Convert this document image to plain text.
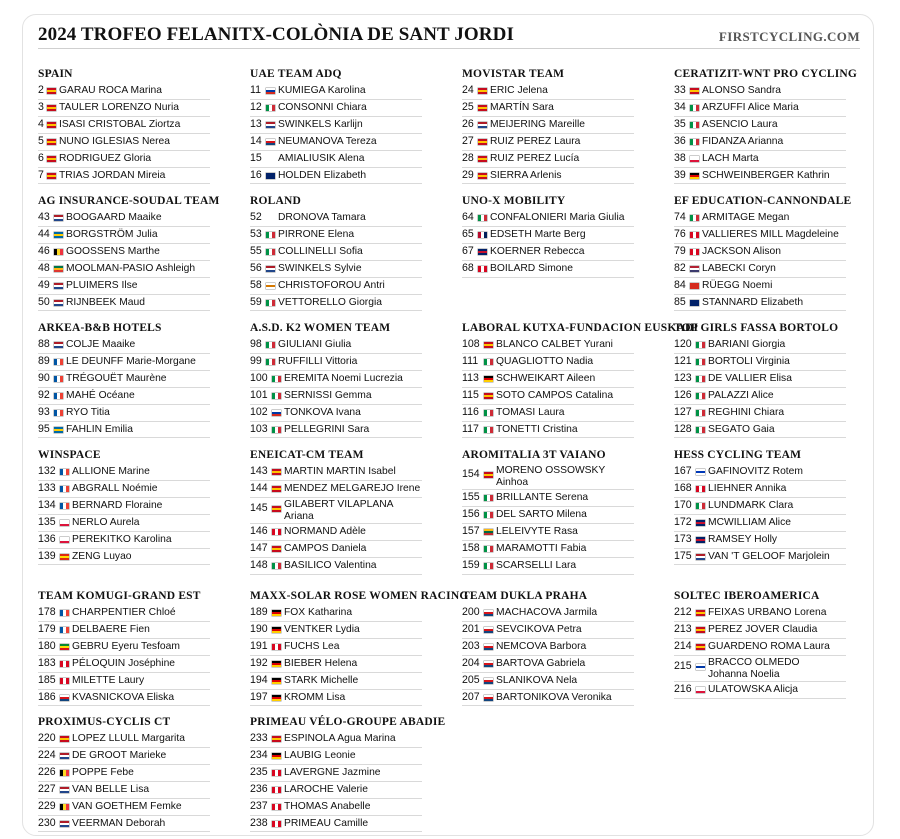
2024 TROFEO FELANITX-COLÒNIA DE SANT JORDI	FIRSTCYCLING.COM
SPAIN
2 GARAU ROCA Marina
3 TAULER LORENZO Nuria
4 ISASI CRISTOBAL Ziortza
5 NUNO IGLESIAS Nerea
6 RODRIGUEZ Gloria
7 TRIAS JORDAN Mireia
UAE TEAM ADQ
11 KUMIEGA Karolina
12 CONSONNI Chiara
13 SWINKELS Karlijn
14 NEUMANOVA Tereza
15 AMIALIUSIK Alena
16 HOLDEN Elizabeth
MOVISTAR TEAM
24 ERIC Jelena
25 MARTÍN Sara
26 MEIJERING Mareille
27 RUIZ PEREZ Laura
28 RUIZ PEREZ Lucía
29 SIERRA Arlenis
CERATIZIT-WNT PRO CYCLING
33 ALONSO Sandra
34 ARZUFFI Alice Maria
35 ASENCIO Laura
36 FIDANZA Arianna
38 LACH Marta
39 SCHWEINBERGER Kathrin
AG INSURANCE-SOUDAL TEAM
43 BOOGAARD Maaike
44 BORGSTRÖM Julia
46 GOOSSENS Marthe
48 MOOLMAN-PASIO Ashleigh
49 PLUIMERS Ilse
50 RIJNBEEK Maud
ROLAND
52 DRONOVA Tamara
53 PIRRONE Elena
55 COLLINELLI Sofia
56 SWINKELS Sylvie
58 CHRISTOFOROU Antri
59 VETTORELLO Giorgia
UNO-X MOBILITY
64 CONFALONIERI Maria Giulia
65 EDSETH Marte Berg
67 KOERNER Rebecca
68 BOILARD Simone
EF EDUCATION-CANNONDALE
74 ARMITAGE Megan
76 VALLIERES MILL Magdeleine
79 JACKSON Alison
82 LABECKI Coryn
84 RÜEGG Noemi
85 STANNARD Elizabeth
ARKEA-B&B HOTELS
88 COLJE Maaike
89 LE DEUNFF Marie-Morgane
90 TRÉGOUËT Maurène
92 MAHÉ Océane
93 RYO Titia
95 FAHLIN Emilia
A.S.D. K2 WOMEN TEAM
98 GIULIANI Giulia
99 RUFFILLI Vittoria
100 EREMITA Noemi Lucrezia
101 SERNISSI Gemma
102 TONKOVA Ivana
103 PELLEGRINI Sara
LABORAL KUTXA-FUNDACION EUSKADI
108 BLANCO CALBET Yurani
111	QUAGLIOTTO Nadia
113	SCHWEIKART Aileen
115	SOTO CAMPOS Catalina
116	TOMASI Laura
117	TONETTI Cristina
TOP GIRLS FASSA BORTOLO
120 BARIANI Giorgia
121 BORTOLI Virginia
123 DE VALLIER Elisa
126 PALAZZI Alice
127 REGHINI Chiara
128 SEGATO Gaia
WINSPACE
132 ALLIONE Marine
133 ABGRALL Noémie
134 BERNARD Floraine
135 NERLO Aurela
136 PEREKITKO Karolina
139 ZENG Luyao
ENEICAT-CM TEAM
143 MARTIN MARTIN Isabel
144 MENDEZ MELGAREJO Irene
145 GILABERT VILAPLANA Ariana
146 NORMAND Adèle
147 CAMPOS Daniela
148 BASILICO Valentina
AROMITALIA 3T VAIANO
154 MORENO OSSOWSKY Ainhoa
155 BRILLANTE Serena
156 DEL SARTO Milena
157 LELEIVYTE Rasa
158 MARAMOTTI Fabia
159 SCARSELLI Lara
HESS CYCLING TEAM
167 GAFINOVITZ Rotem
168 LIEHNER Annika
170 LUNDMARK Clara
172 MCWILLIAM Alice
173 RAMSEY Holly
175 VAN 'T GELOOF Marjolein
TEAM KOMUGI-GRAND EST
178 CHARPENTIER Chloé
179 DELBAERE Fien
180 GEBRU Eyeru Tesfoam
183 PÉLOQUIN Joséphine
185 MILETTE Laury
186 KVASNICKOVA Eliska
MAXX-SOLAR ROSE WOMEN RACING
189 FOX Katharina
190 VENTKER Lydia
191 FUCHS Lea
192 BIEBER Helena
194 STARK Michelle
197 KROMM Lisa
TEAM DUKLA PRAHA
200 MACHACOVA Jarmila
201 SEVCIKOVA Petra
203 NEMCOVA Barbora
204 BARTOVA Gabriela
205 SLANIKOVA Nela
207 BARTONIKOVA Veronika
SOLTEC IBEROAMERICA
212 FEIXAS URBANO Lorena
213 PEREZ JOVER Claudia
214 GUARDENO ROMA Laura
215 BRACCO OLMEDO Johanna Noelia
216 ULATOWSKA Alicja
PROXIMUS-CYCLIS CT
220 LOPEZ LLULL Margarita
224 DE GROOT Marieke
226 POPPE Febe
227 VAN BELLE Lisa
229 VAN GOETHEM Femke
230 VEERMAN Deborah
PRIMEAU VÉLO-GROUPE ABADIE
233 ESPINOLA Agua Marina
234 LAUBIG Leonie
235 LAVERGNE Jazmine
236 LAROCHE Valerie
237 THOMAS Anabelle
238 PRIMEAU Camille
